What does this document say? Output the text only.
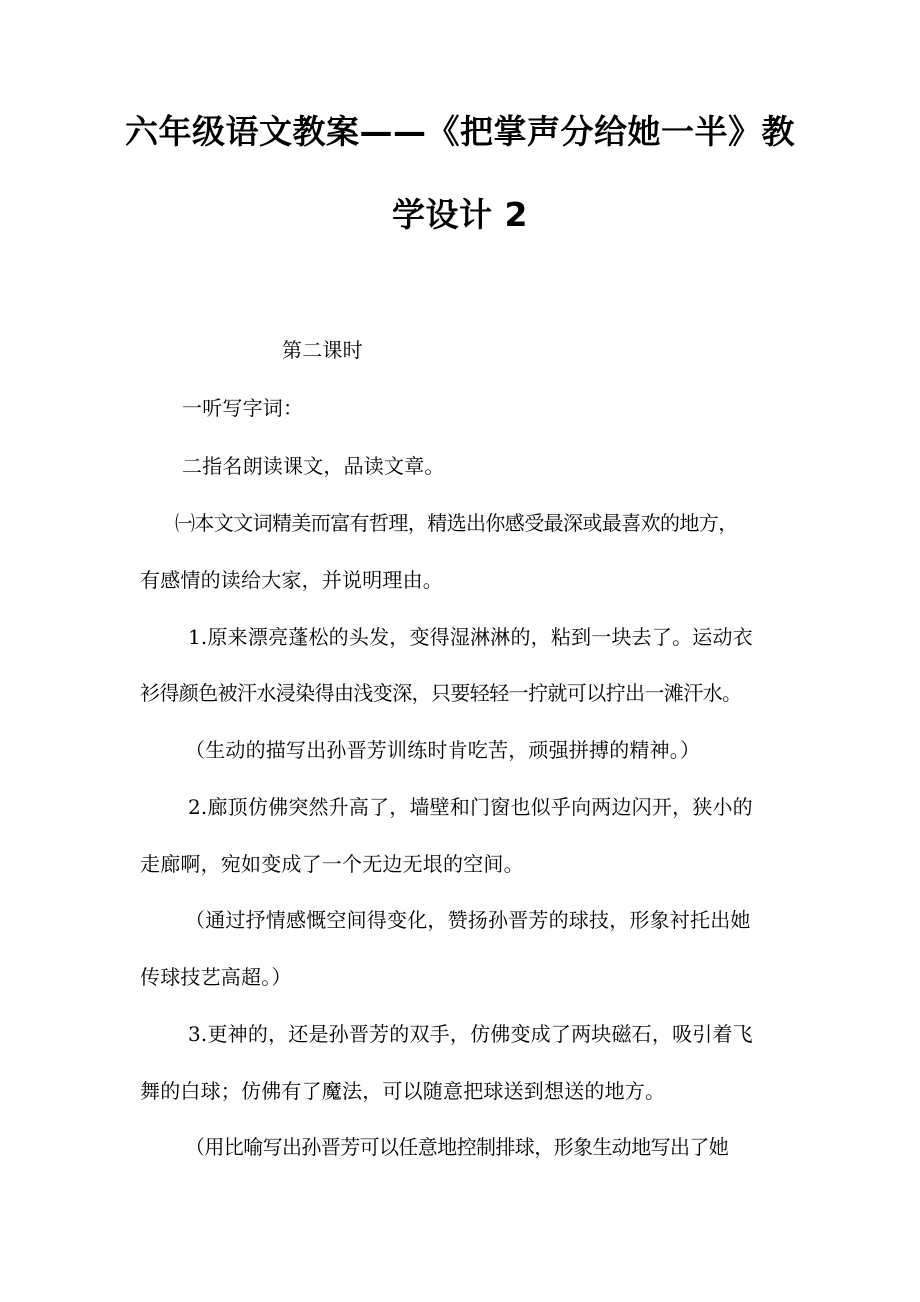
六年级语文教案——《把掌声分给她一半》教
学设计 2
第二课时
一听写字词：
二指名朗读课文，品读文章。
㈠本文文词精美而富有哲理，精选出你感受最深或最喜欢的地方，
有感情的读给大家，并说明理由。
1.原来漂亮蓬松的头发，变得湿淋淋的，粘到一块去了。运动衣
衫得颜色被汗水浸染得由浅变深，只要轻轻一拧就可以拧出一滩汗水。
（生动的描写出孙晋芳训练时肯吃苦，顽强拼搏的精神。）
2.廊顶仿佛突然升高了，墙壁和门窗也似乎向两边闪开，狭小的
走廊啊，宛如变成了一个无边无垠的空间。
（通过抒情感慨空间得变化，赞扬孙晋芳的球技，形象衬托出她
传球技艺高超。）
3.更神的，还是孙晋芳的双手，仿佛变成了两块磁石，吸引着飞
舞的白球；仿佛有了魔法，可以随意把球送到想送的地方。
（用比喻写出孙晋芳可以任意地控制排球，形象生动地写出了她
